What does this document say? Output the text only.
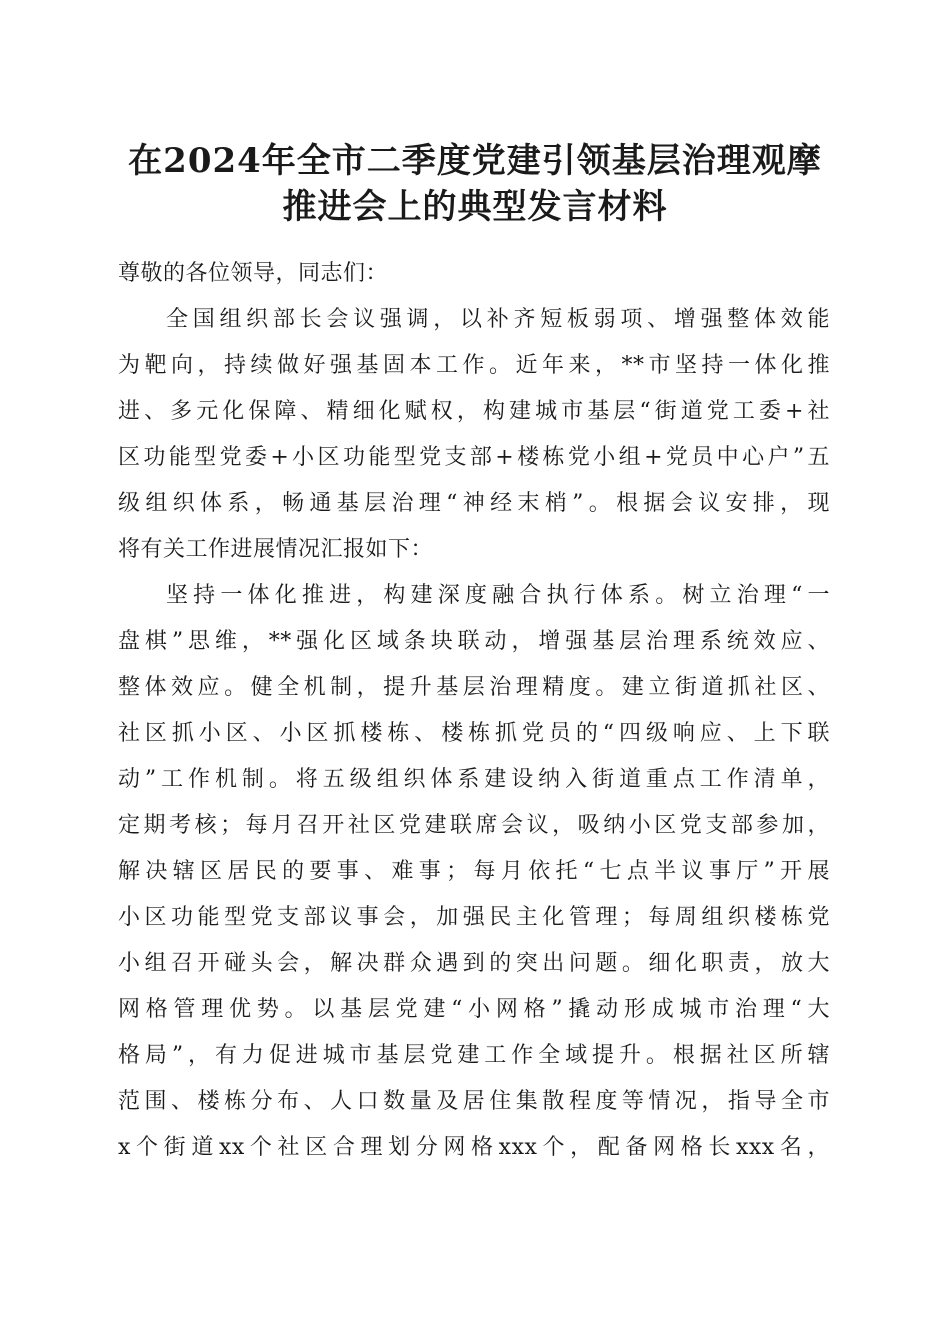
在2024年全市二季度党建引领基层治理观摩
推进会上的典型发言材料
尊敬的各位领导，同志们：
全国组织部长会议强调，以补齐短板弱项、增强整体效能
为靶向，持续做好强基固本工作。近年来，**市坚持一体化推
进、多元化保障、精细化赋权，构建城市基层“街道党工委+社
区功能型党委+小区功能型党支部+楼栋党小组+党员中心户”五
级组织体系，畅通基层治理“神经末梢”。根据会议安排，现
将有关工作进展情况汇报如下：
坚持一体化推进，构建深度融合执行体系。树立治理“一
盘棋”思维，**强化区域条块联动，增强基层治理系统效应、
整体效应。健全机制，提升基层治理精度。建立街道抓社区、
社区抓小区、小区抓楼栋、楼栋抓党员的“四级响应、上下联
动”工作机制。将五级组织体系建设纳入街道重点工作清单，
定期考核；每月召开社区党建联席会议，吸纳小区党支部参加，
解决辖区居民的要事、难事；每月依托“七点半议事厅”开展
小区功能型党支部议事会，加强民主化管理；每周组织楼栋党
小组召开碰头会，解决群众遇到的突出问题。细化职责，放大
网格管理优势。以基层党建“小网格”撬动形成城市治理“大
格局”，有力促进城市基层党建工作全域提升。根据社区所辖
范围、楼栋分布、人口数量及居住集散程度等情况，指导全市
x个街道xx个社区合理划分网格xxx个，配备网格长xxx名，
